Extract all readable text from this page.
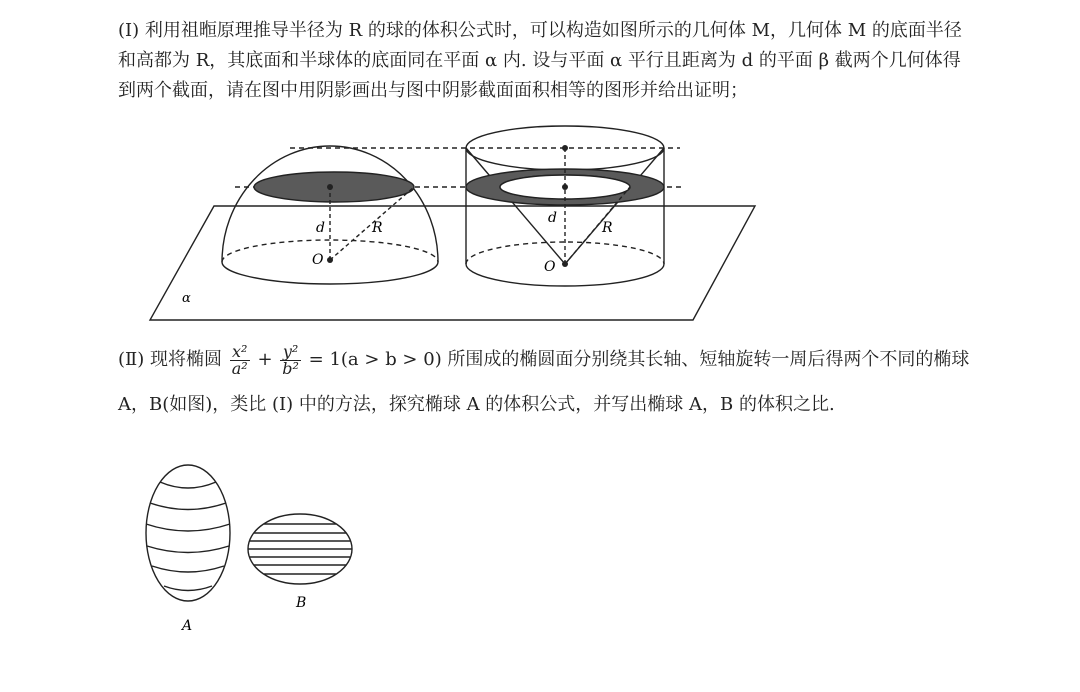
(Ⅰ) 利用祖暅原理推导半径为 R 的球的体积公式时，可以构造如图所示的几何体 M，几何体 M 的底面半径
和高都为 R，其底面和半球体的底面同在平面 α 内. 设与平面 α 平行且距离为 d 的平面 β 截两个几何体得
到两个截面，请在图中用阴影画出与图中阴影截面面积相等的图形并给出证明；
α
d	R
O
d
R
O
A
B
(Ⅱ) 现将椭圆 $\frac{\text{x²}}{\text{a²}} + \frac{\text{y²}}{\text{b²}} = 1(a > b > 0)$ 所围成的椭圆面分别绕其长轴、短轴旋转一周后得两个不同的椭球
A，B(如图)，类比 (Ⅰ) 中的方法，探究椭球 A 的体积公式，并写出椭球 A，B 的体积之比.
